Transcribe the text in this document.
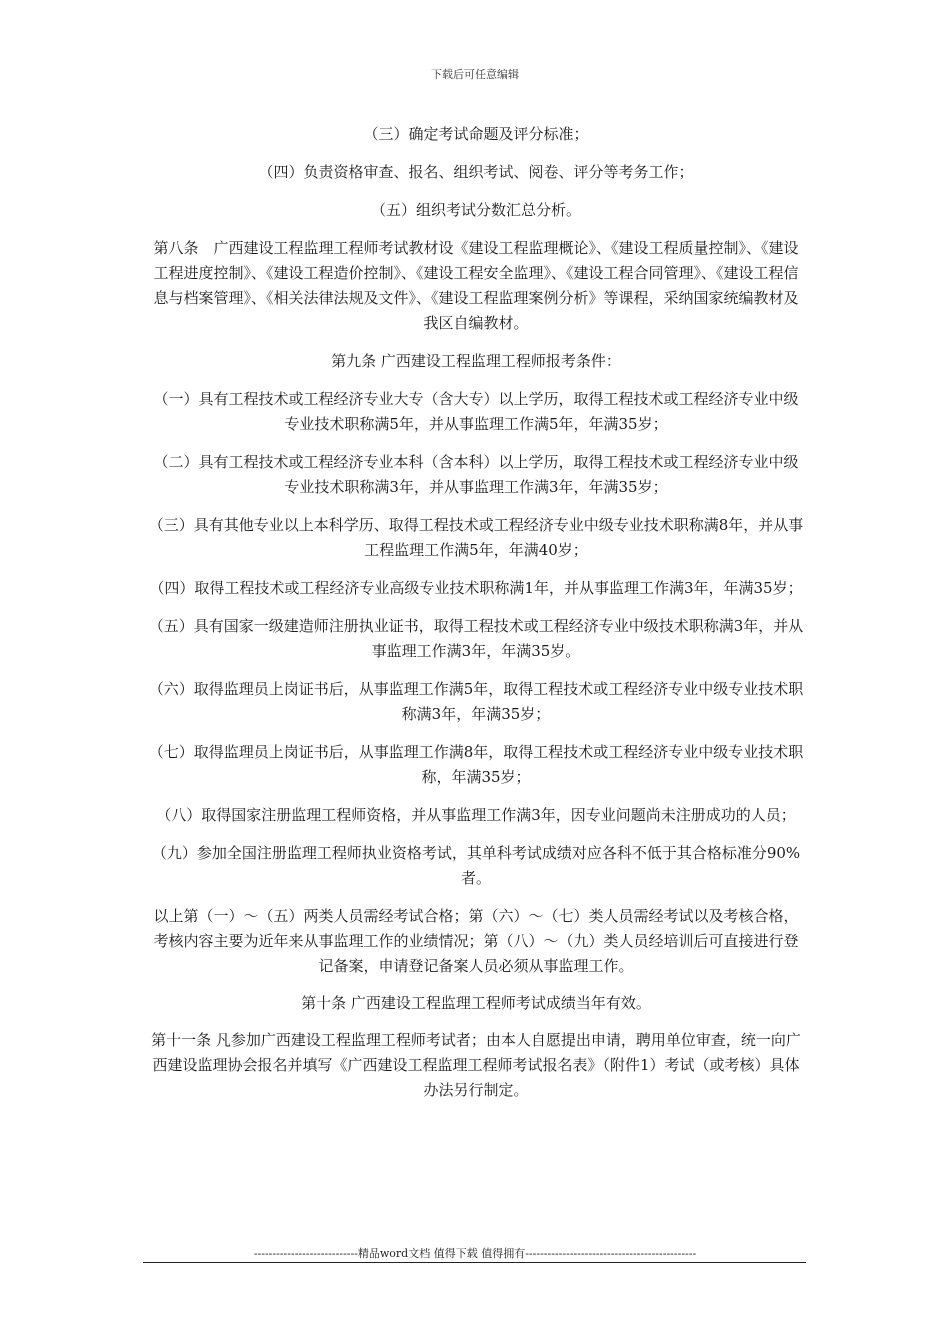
下载后可任意编辑

（三）确定考试命题及评分标准；

（四）负责资格审查、报名、组织考试、阅卷、评分等考务工作；

（五）组织考试分数汇总分析。

第八条　广西建设工程监理工程师考试教材设《建设工程监理概论》、《建设工程质量控制》、《建设工程进度控制》、《建设工程造价控制》、《建设工程安全监理》、《建设工程合同管理》、《建设工程信息与档案管理》、《相关法律法规及文件》、《建设工程监理案例分析》等课程，采纳国家统编教材及我区自编教材。

第九条 广西建设工程监理工程师报考条件：

（一）具有工程技术或工程经济专业大专（含大专）以上学历，取得工程技术或工程经济专业中级专业技术职称满5年，并从事监理工作满5年，年满35岁；

（二）具有工程技术或工程经济专业本科（含本科）以上学历，取得工程技术或工程经济专业中级专业技术职称满3年，并从事监理工作满3年，年满35岁；

（三）具有其他专业以上本科学历、取得工程技术或工程经济专业中级专业技术职称满8年，并从事工程监理工作满5年，年满40岁；

（四）取得工程技术或工程经济专业高级专业技术职称满1年，并从事监理工作满3年，年满35岁；

（五）具有国家一级建造师注册执业证书，取得工程技术或工程经济专业中级技术职称满3年，并从事监理工作满3年，年满35岁。

（六）取得监理员上岗证书后，从事监理工作满5年，取得工程技术或工程经济专业中级专业技术职称满3年，年满35岁；

（七）取得监理员上岗证书后，从事监理工作满8年，取得工程技术或工程经济专业中级专业技术职称，年满35岁；

（八）取得国家注册监理工程师资格，并从事监理工作满3年，因专业问题尚未注册成功的人员；

（九）参加全国注册监理工程师执业资格考试，其单科考试成绩对应各科不低于其合格标准分90%者。

以上第（一）～（五）两类人员需经考试合格；第（六）～（七）类人员需经考试以及考核合格，考核内容主要为近年来从事监理工作的业绩情况；第（八）～（九）类人员经培训后可直接进行登记备案，申请登记备案人员必须从事监理工作。

第十条 广西建设工程监理工程师考试成绩当年有效。

第十一条 凡参加广西建设工程监理工程师考试者；由本人自愿提出申请，聘用单位审查，统一向广西建设监理协会报名并填写《广西建设工程监理工程师考试报名表》（附件1）考试（或考核）具体办法另行制定。

----------------------------精品word文档 值得下载 值得拥有----------------------------------------------
